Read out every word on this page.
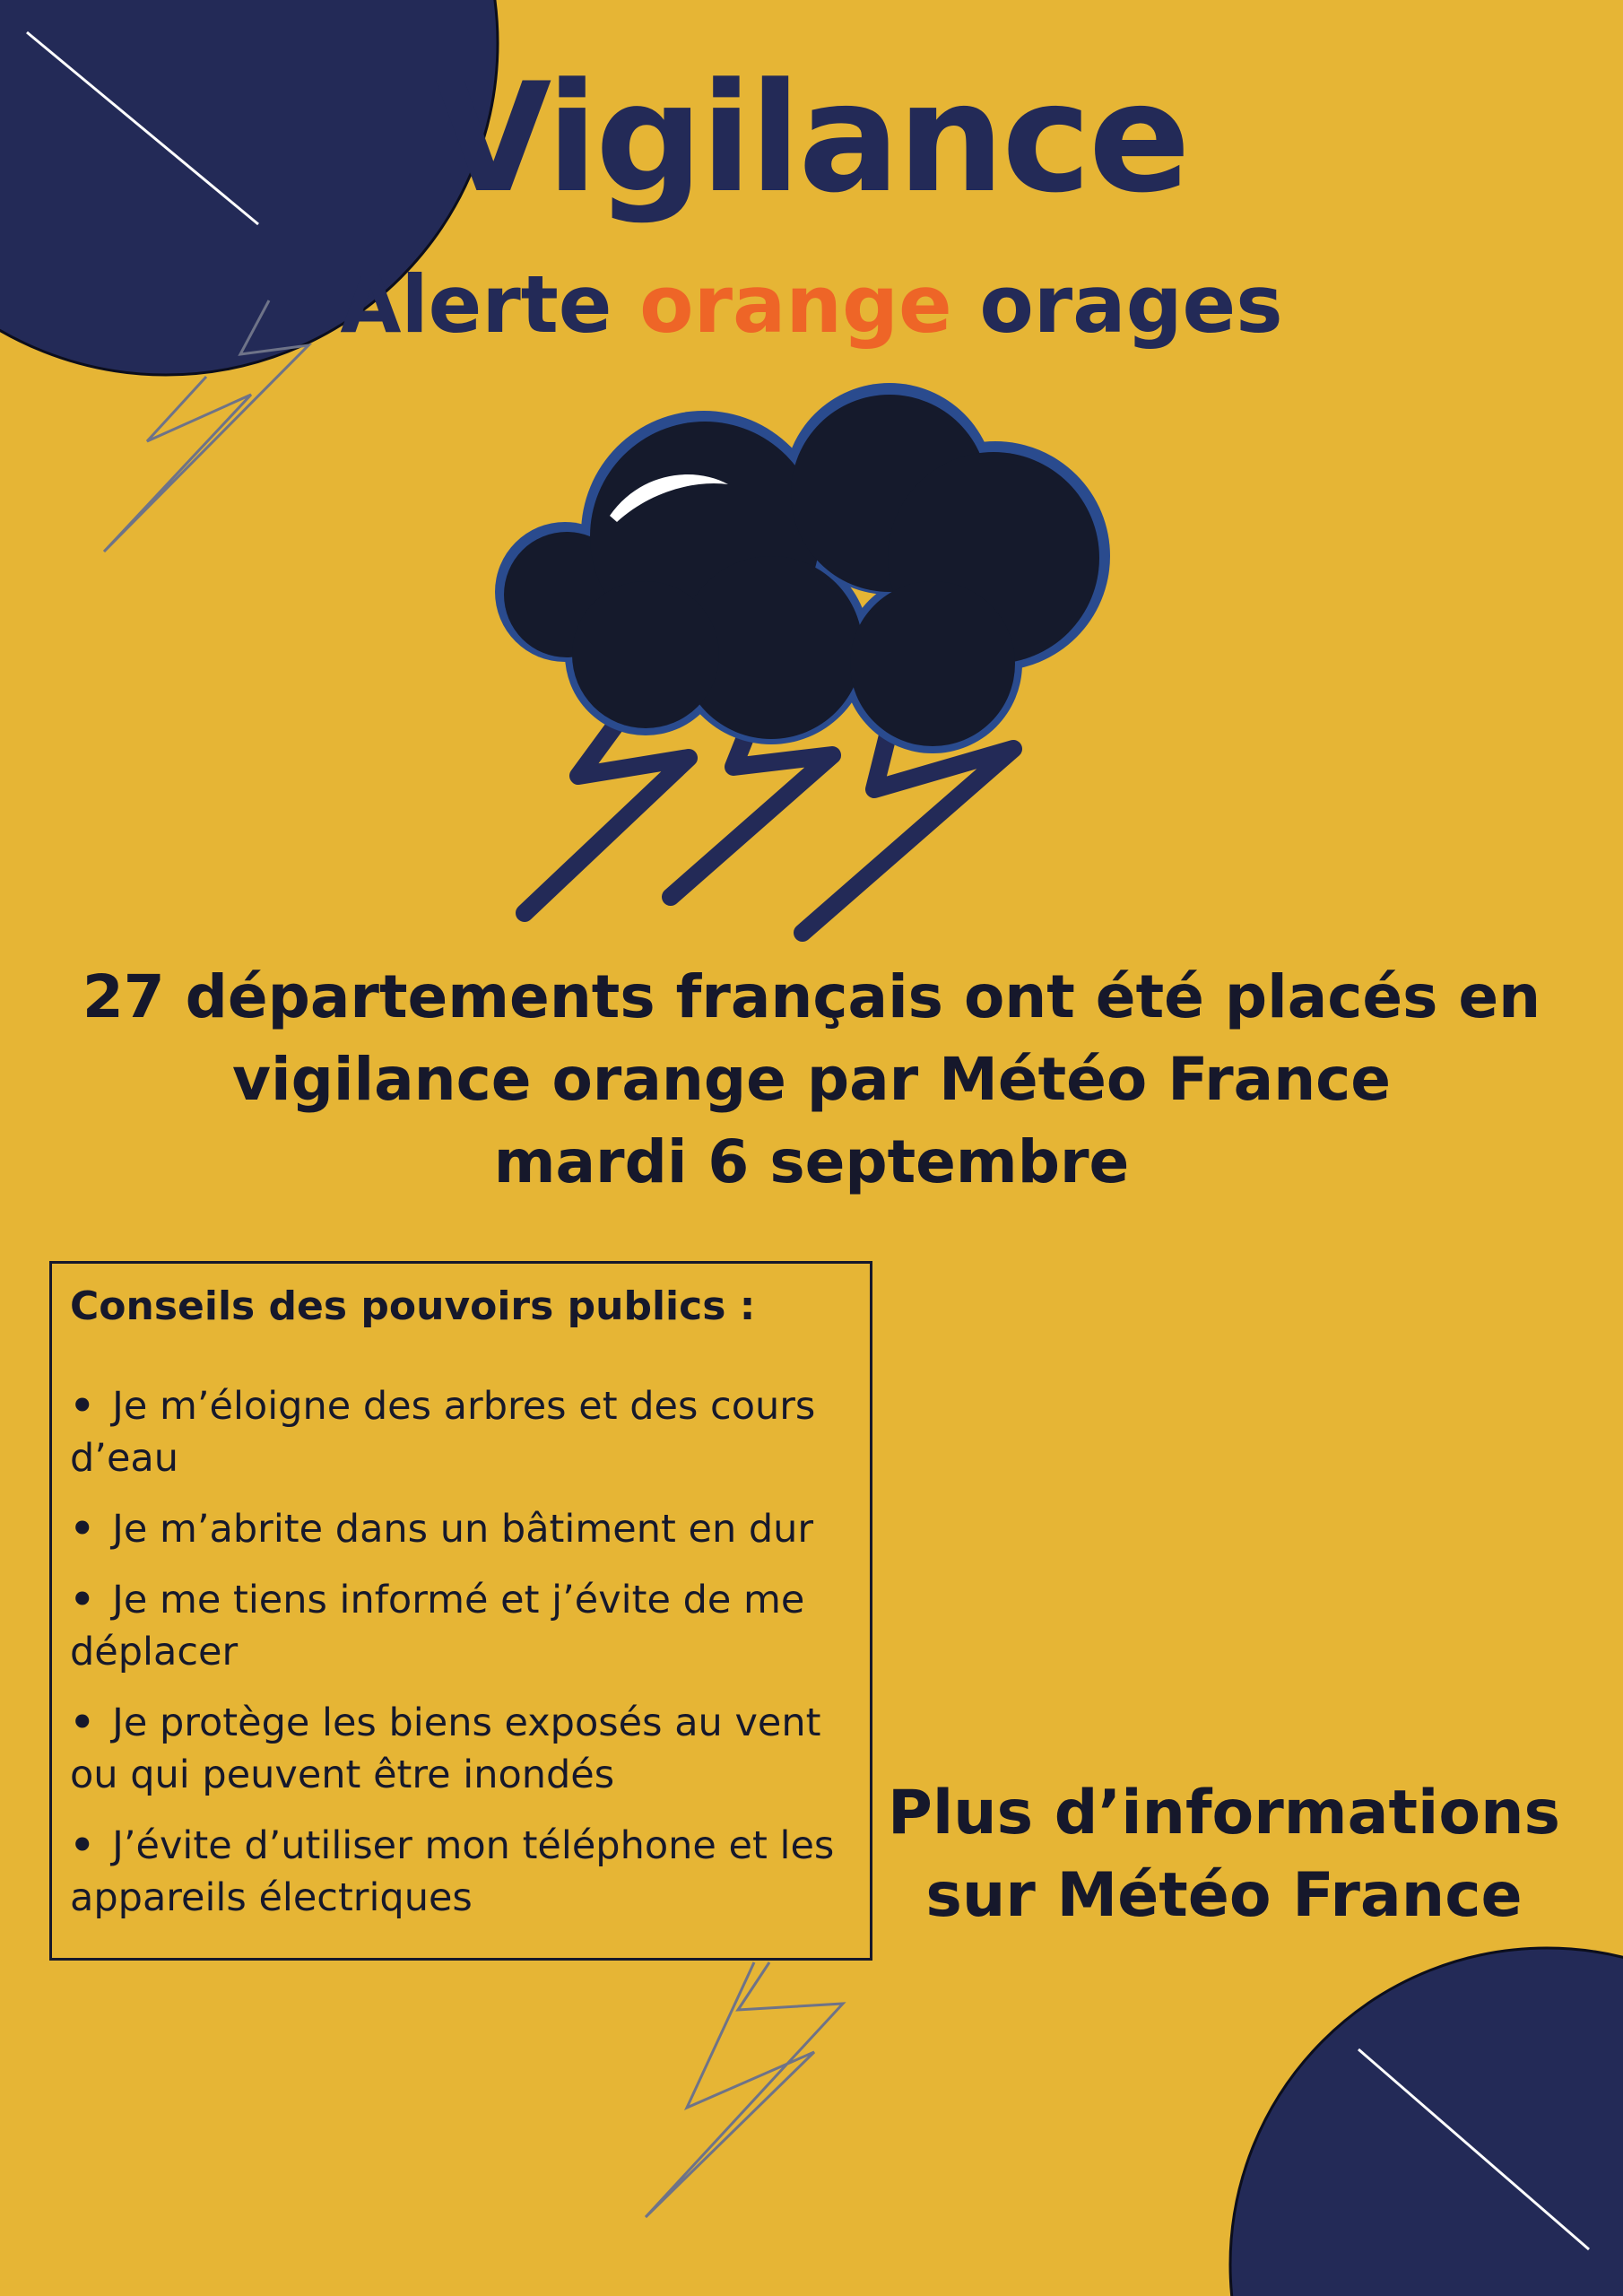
Vigilance
Alerte orange orages
27 départements français ont été placés en
vigilance orange par Météo France
mardi 6 septembre
Conseils des pouvoirs publics :
• Je m’éloigne des arbres et des cours d’eau
• Je m’abrite dans un bâtiment en dur
• Je me tiens informé et j’évite de me déplacer
• Je protège les biens exposés au vent ou qui peuvent être inondés
• J’évite d’utiliser mon téléphone et les appareils électriques
Plus d’informations
sur Météo France
